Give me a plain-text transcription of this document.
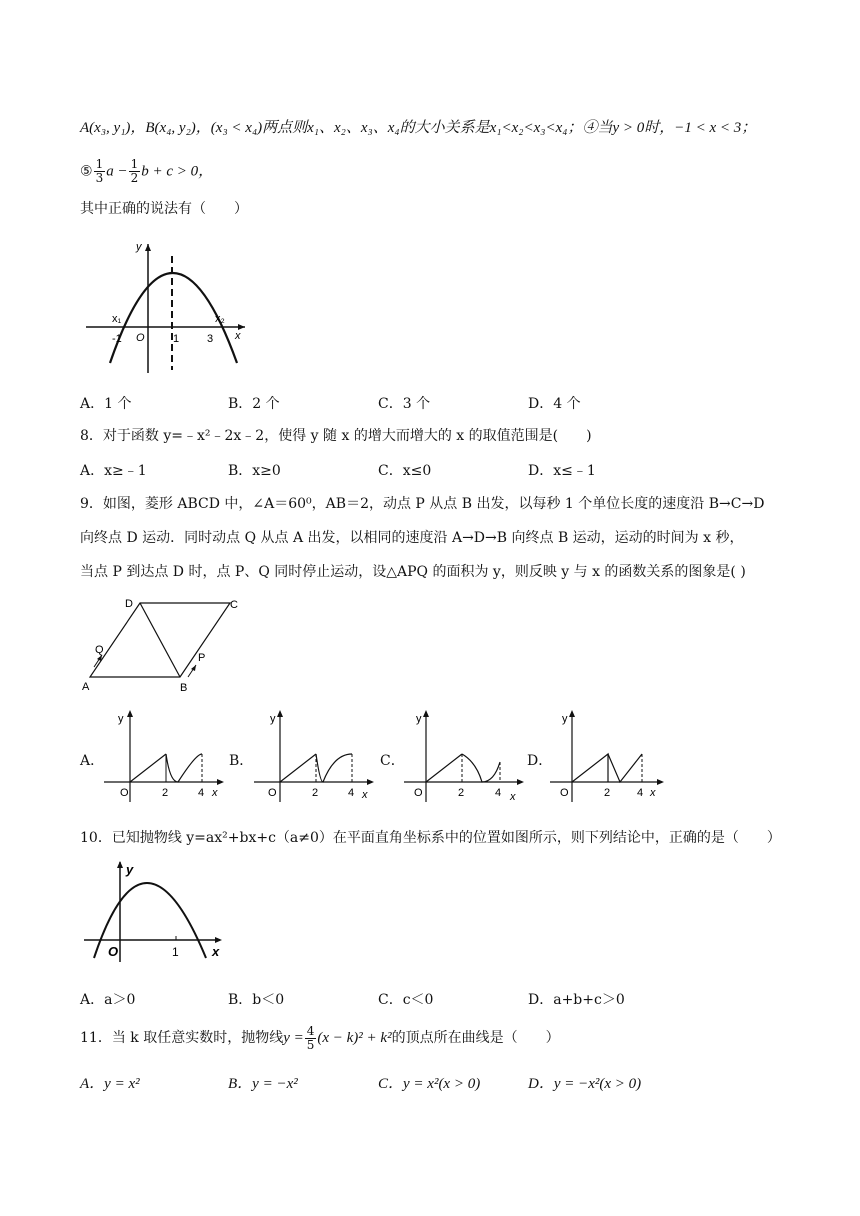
A(x₃, y₁)，B(x₄, y₂)，(x₃ < x₄)两点则x₁、x₂、x₃、x₄的大小关系是x₁<x₂<x₃<x₄；④当y > 0时，−1 < x < 3；
⑤ $\frac{1}{3}$ $a - \frac{1}{2}$ b + c > 0，
其中正确的说法有（　　）
y
x
O
x₁	x₂
-1	1	3
A．1 个	B．2 个	C．3 个	D．4 个
8．对于函数 y=﹣x²﹣2x﹣2，使得 y 随 x 的增大而增大的 x 的取值范围是(　　)
A．x≥﹣1	B．x≥0	C．x≤0	D．x≤﹣1
9．如图，菱形 ABCD 中，∠A＝60⁰，AB＝2，动点 P 从点 B 出发，以每秒 1 个单位长度的速度沿 B→C→D
向终点 D 运动．同时动点 Q 从点 A 出发，以相同的速度沿 A→D→B 向终点 B 运动，运动的时间为 x 秒，
当点 P 到达点 D 时，点 P、Q 同时停止运动，设△APQ 的面积为 y，则反映 y 与 x 的函数关系的图象是( )
A	B
C
D
P
Q
A．
y
O	2	4 x
B．
y
O	2	4 x
C．
y
O	2	4 x
D．
y
O	2 4 x
10．已知抛物线 y=ax²+bx+c（a≠0）在平面直角坐标系中的位置如图所示，则下列结论中，正确的是（　　）
y
O	1	x
A．a＞0	B．b＜0	C．c＜0	D．a+b+c＞0
11．当 k 取任意实数时，抛物线$y = \frac{4}{5} (x - k)^2 + k^2$的顶点所在曲线是（　　）
A．y = x²	B．y = −x²	C．y = x²(x > 0)	D．y = −x²(x > 0)
